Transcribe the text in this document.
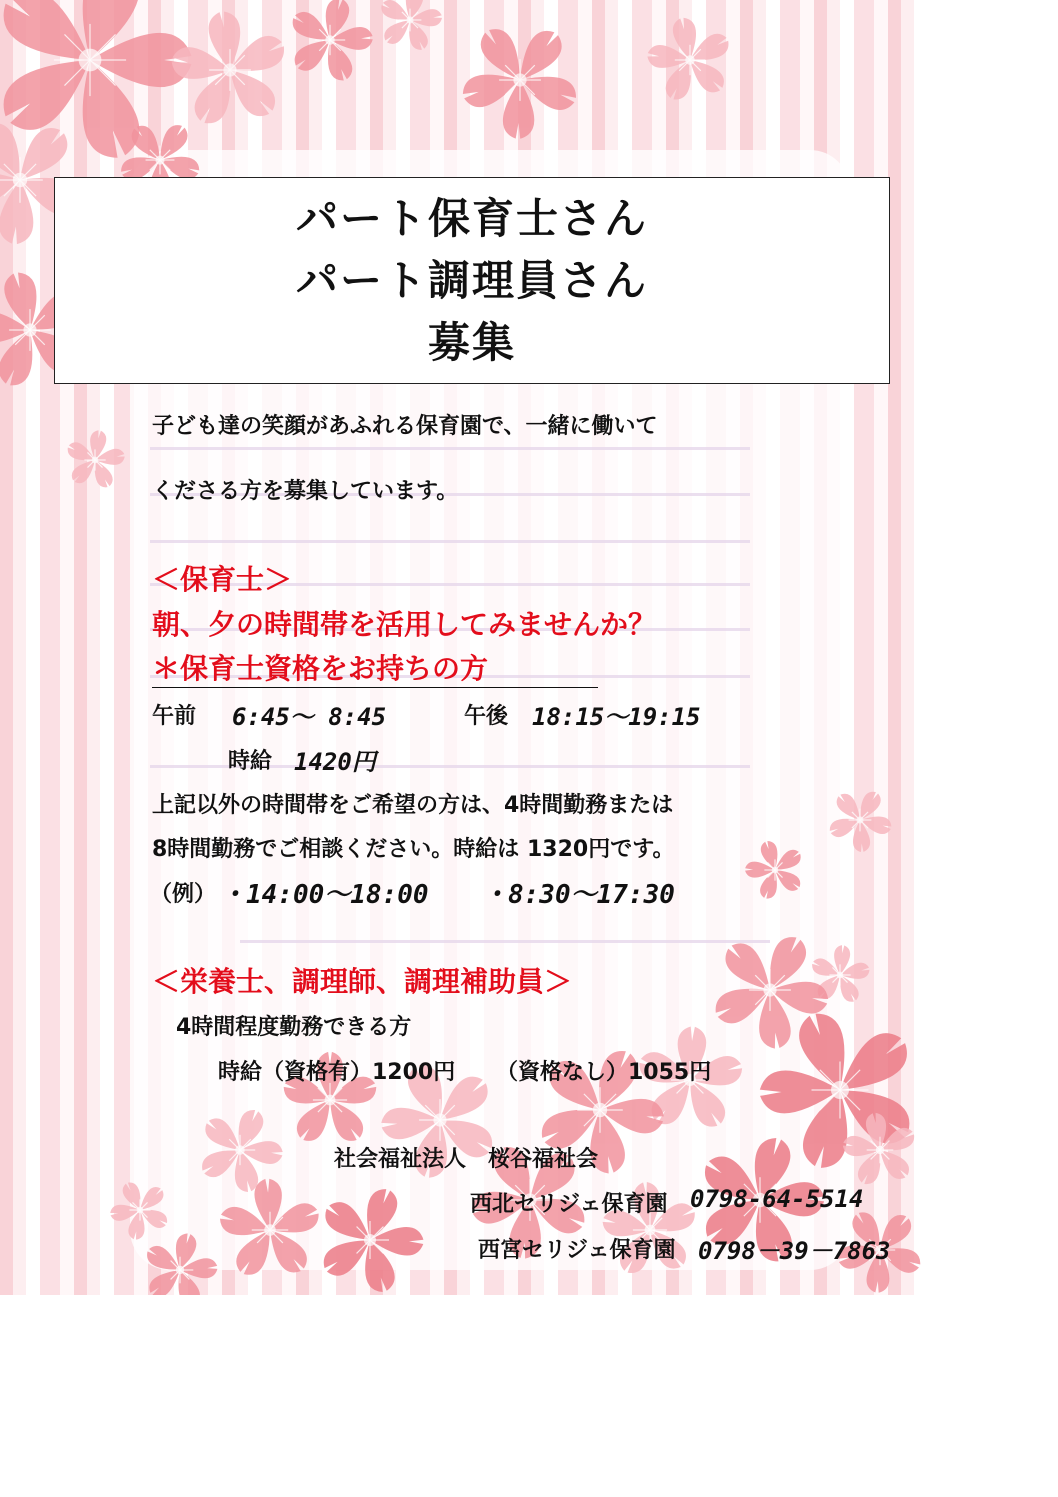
パート保育士さん
パート調理員さん
募集
子ども達の笑顔があふれる保育園で、一緒に働いて
くださる方を募集しています。
＜保育士＞
朝、夕の時間帯を活用してみませんか？
＊保育士資格をお持ちの方
午前 6:45～ 8:45	午後 18:15～19:15
時給 1420円
上記以外の時間帯をご希望の方は、4時間勤務または
8時間勤務でご相談ください。時給は 1320円です。
（例） ・14:00～18:00 ・8:30～17:30
＜栄養士、調理師、調理補助員＞
4時間程度勤務できる方
時給（資格有）1200円 （資格なし）1055円
社会福祉法人　桜谷福祉会
西北セリジェ保育園 0798-64-5514
西宮セリジェ保育園 0798－39－7863
